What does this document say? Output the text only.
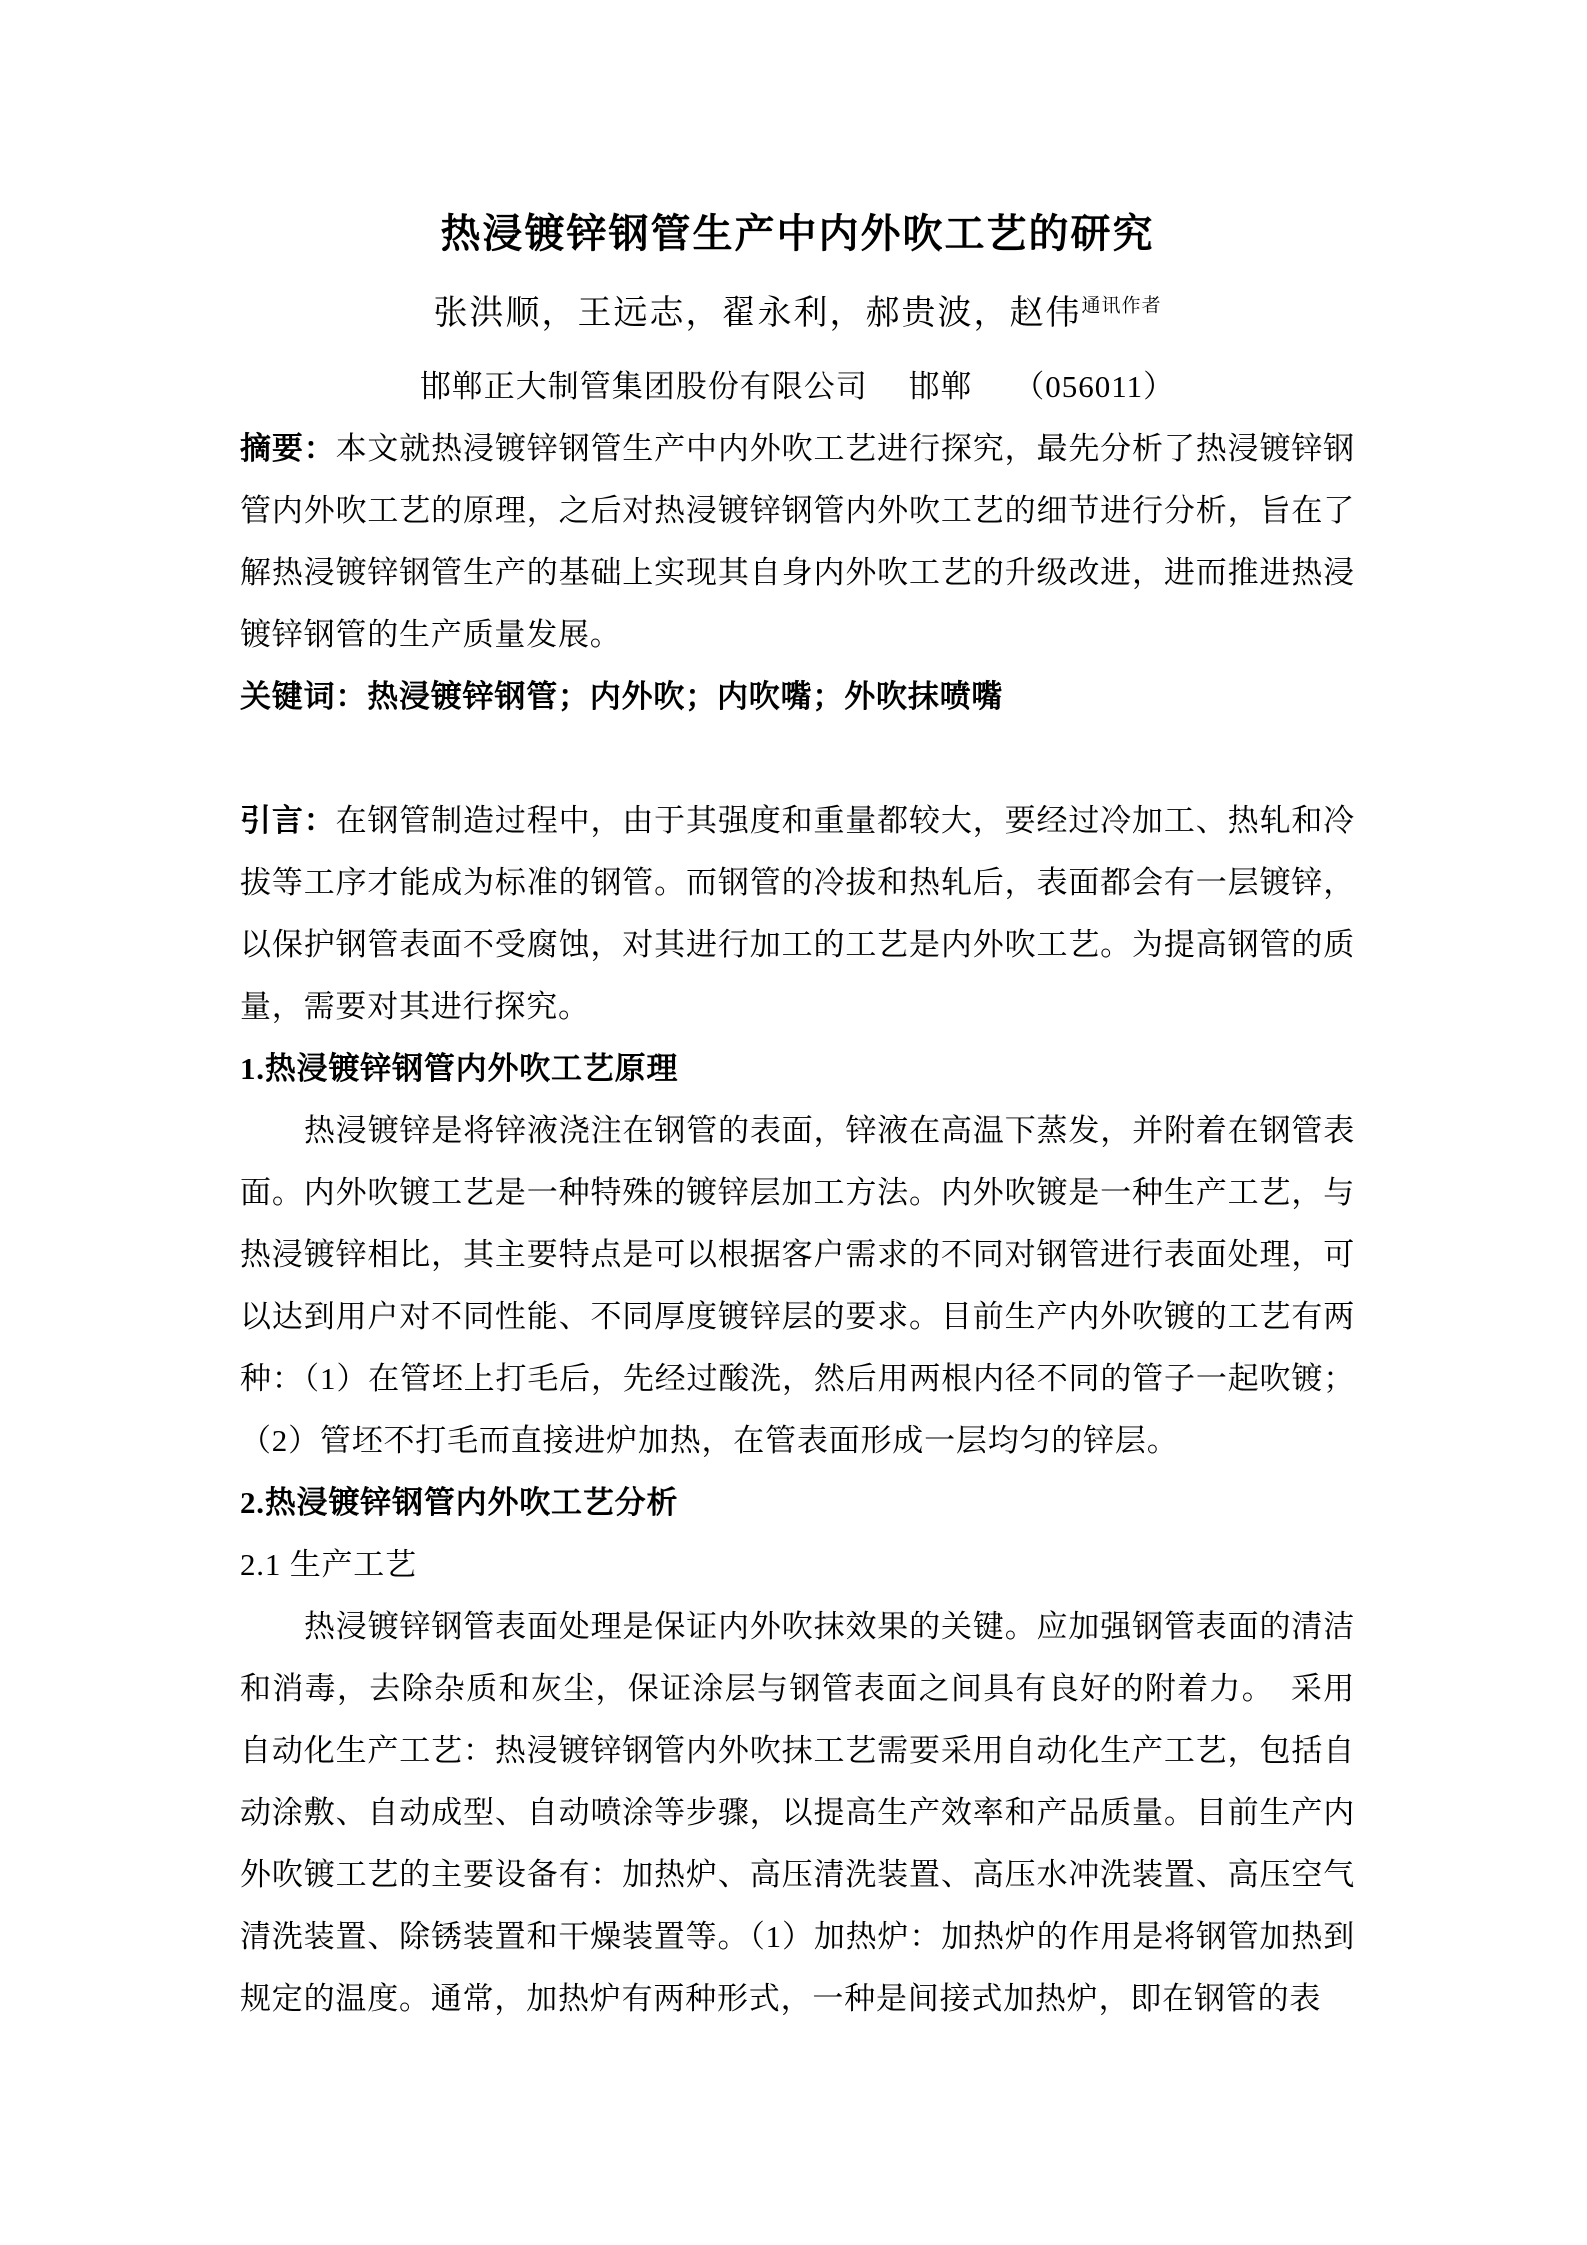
热浸镀锌钢管生产中内外吹工艺的研究
张洪顺，王远志，翟永利，郝贵波，赵伟$^{通讯作者}$
邯郸正大制管集团股份有限公司　 邯郸　 （056011）

摘要：本文就热浸镀锌钢管生产中内外吹工艺进行探究，最先分析了热浸镀锌钢管内外吹工艺的原理，之后对热浸镀锌钢管内外吹工艺的细节进行分析，旨在了解热浸镀锌钢管生产的基础上实现其自身内外吹工艺的升级改进，进而推进热浸镀锌钢管的生产质量发展。

关键词：热浸镀锌钢管；内外吹；内吹嘴；外吹抹喷嘴

引言：在钢管制造过程中，由于其强度和重量都较大，要经过冷加工、热轧和冷拔等工序才能成为标准的钢管。而钢管的冷拔和热轧后，表面都会有一层镀锌，以保护钢管表面不受腐蚀，对其进行加工的工艺是内外吹工艺。为提高钢管的质量，需要对其进行探究。

1.热浸镀锌钢管内外吹工艺原理

热浸镀锌是将锌液浇注在钢管的表面，锌液在高温下蒸发，并附着在钢管表面。内外吹镀工艺是一种特殊的镀锌层加工方法。内外吹镀是一种生产工艺，与热浸镀锌相比，其主要特点是可以根据客户需求的不同对钢管进行表面处理，可以达到用户对不同性能、不同厚度镀锌层的要求。目前生产内外吹镀的工艺有两种：（1）在管坯上打毛后，先经过酸洗，然后用两根内径不同的管子一起吹镀；（2）管坯不打毛而直接进炉加热，在管表面形成一层均匀的锌层。

2.热浸镀锌钢管内外吹工艺分析
2.1 生产工艺

热浸镀锌钢管表面处理是保证内外吹抹效果的关键。应加强钢管表面的清洁和消毒，去除杂质和灰尘，保证涂层与钢管表面之间具有良好的附着力。　采用自动化生产工艺：热浸镀锌钢管内外吹抹工艺需要采用自动化生产工艺，包括自动涂敷、自动成型、自动喷涂等步骤，以提高生产效率和产品质量。目前生产内外吹镀工艺的主要设备有：加热炉、高压清洗装置、高压水冲洗装置、高压空气清洗装置、除锈装置和干燥装置等。（1）加热炉：加热炉的作用是将钢管加热到规定的温度。通常，加热炉有两种形式，一种是间接式加热炉，即在钢管的表
